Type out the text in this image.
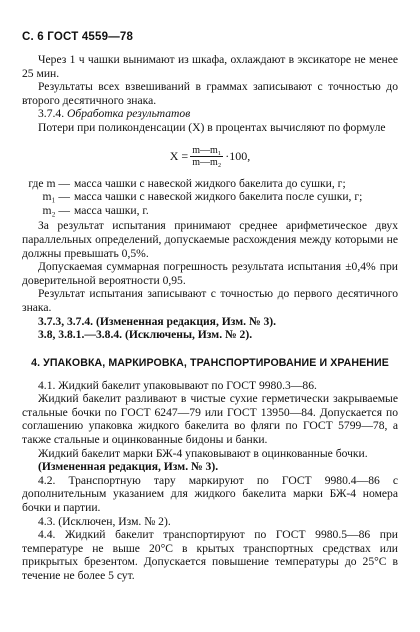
С. 6 ГОСТ 4559—78

Через 1 ч чашки вынимают из шкафа, охлаждают в эксикаторе не менее 25 мин.

Результаты всех взвешиваний в граммах записывают с точностью до второго десятичного знака.

3.7.4. Обработка результатов

Потери при поликонденсации (X) в процентах вычисляют по формуле

$X = \frac{\text{m—m₁}}{\text{m—m₂}} \cdot 100$,
где m — масса чашки с навеской жидкого бакелита до сушки, г;
m₁ — масса чашки с навеской жидкого бакелита после сушки, г;
m₂ — масса чашки, г.

За результат испытания принимают среднее арифметическое двух параллельных определений, допускаемые расхождения между которыми не должны превышать 0,5%.

Допускаемая суммарная погрешность результата испытания ±0,4% при доверительной вероятности 0,95.

Результат испытания записывают с точностью до первого десятичного знака.

3.7.3, 3.7.4. (Измененная редакция, Изм. № 3).

3.8, 3.8.1.—3.8.4. (Исключены, Изм. № 2).

4. УПАКОВКА, МАРКИРОВКА, ТРАНСПОРТИРОВАНИЕ И ХРАНЕНИЕ

4.1. Жидкий бакелит упаковывают по ГОСТ 9980.3—86.

Жидкий бакелит разливают в чистые сухие герметически закрываемые стальные бочки по ГОСТ 6247—79 или ГОСТ 13950—84. Допускается по соглашению упаковка жидкого бакелита во фляги по ГОСТ 5799—78, а также стальные и оцинкованные бидоны и банки.

Жидкий бакелит марки БЖ-4 упаковывают в оцинкованные бочки.

(Измененная редакция, Изм. № 3).

4.2. Транспортную тару маркируют по ГОСТ 9980.4—86 с дополнительным указанием для жидкого бакелита марки БЖ-4 номера бочки и партии.

4.3. (Исключен, Изм. № 2).

4.4. Жидкий бакелит транспортируют по ГОСТ 9980.5—86 при температуре не выше 20°С в крытых транспортных средствах или прикрытых брезентом. Допускается повышение температуры до 25°С в течение не более 5 сут.
